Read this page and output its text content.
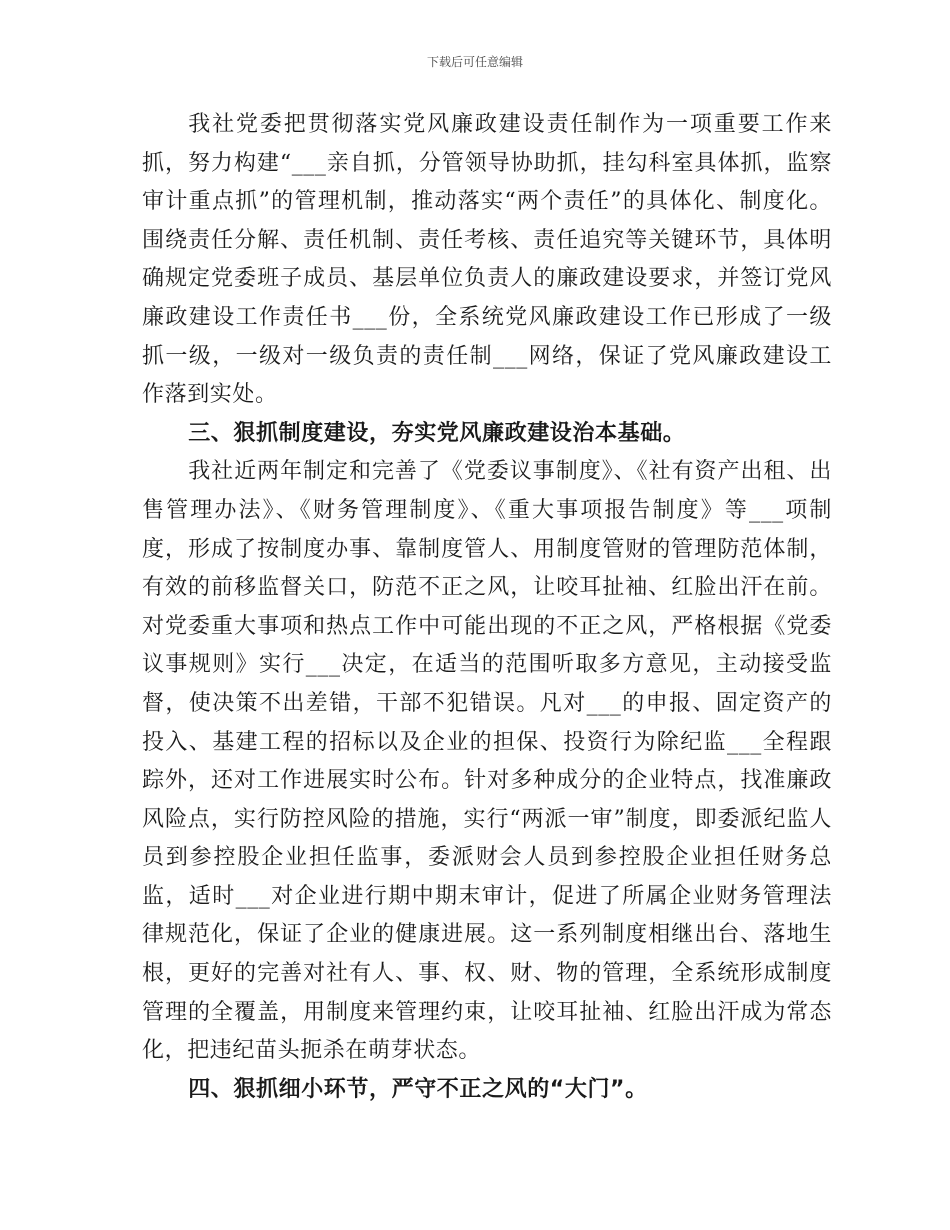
下载后可任意编辑

我社党委把贯彻落实党风廉政建设责任制作为一项重要工作来抓，努力构建“___亲自抓，分管领导协助抓，挂勾科室具体抓，监察审计重点抓”的管理机制，推动落实“两个责任”的具体化、制度化。围绕责任分解、责任机制、责任考核、责任追究等关键环节，具体明确规定党委班子成员、基层单位负责人的廉政建设要求，并签订党风廉政建设工作责任书___份，全系统党风廉政建设工作已形成了一级抓一级，一级对一级负责的责任制___网络，保证了党风廉政建设工作落到实处。

三、狠抓制度建设，夯实党风廉政建设治本基础。

我社近两年制定和完善了《党委议事制度》、《社有资产出租、出售管理办法》、《财务管理制度》、《重大事项报告制度》等___项制度，形成了按制度办事、靠制度管人、用制度管财的管理防范体制，有效的前移监督关口，防范不正之风，让咬耳扯袖、红脸出汗在前。对党委重大事项和热点工作中可能出现的不正之风，严格根据《党委议事规则》实行___决定，在适当的范围听取多方意见，主动接受监督，使决策不出差错，干部不犯错误。凡对___的申报、固定资产的投入、基建工程的招标以及企业的担保、投资行为除纪监___全程跟踪外，还对工作进展实时公布。针对多种成分的企业特点，找准廉政风险点，实行防控风险的措施，实行“两派一审”制度，即委派纪监人员到参控股企业担任监事，委派财会人员到参控股企业担任财务总监，适时___对企业进行期中期末审计，促进了所属企业财务管理法律规范化，保证了企业的健康进展。这一系列制度相继出台、落地生根，更好的完善对社有人、事、权、财、物的管理，全系统形成制度管理的全覆盖，用制度来管理约束，让咬耳扯袖、红脸出汗成为常态化，把违纪苗头扼杀在萌芽状态。

四、狠抓细小环节，严守不正之风的“大门”。
